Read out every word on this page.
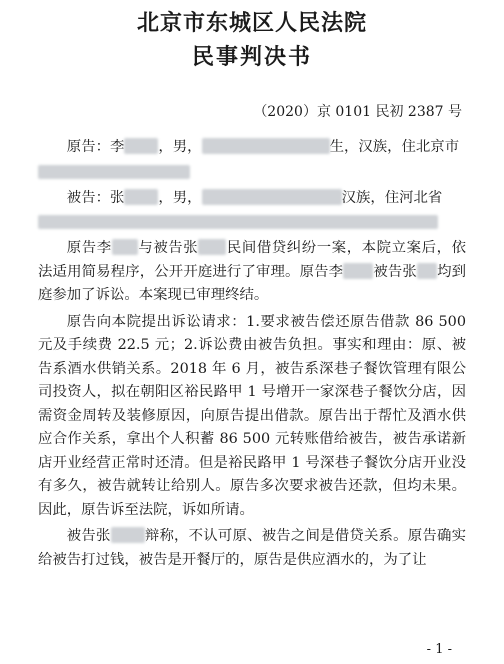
北京市东城区人民法院
民事判决书
（2020）京 0101 民初 2387 号
原告：李 ，男，	生，汉族，住北京市
被告：张 ，男，	汉族，住河北省
原告李 与被告张 民间借贷纠纷一案，本院立案后，依法适用简易程序，公开开庭进行了审理。原告李 被告张 均到庭参加了诉讼。本案现已审理终结。
原告向本院提出诉讼请求：1.要求被告偿还原告借款 86 500 元及手续费 22.5 元；2.诉讼费由被告负担。事实和理由：原、被告系酒水供销关系。2018 年 6 月，被告系深巷子餐饮管理有限公司投资人，拟在朝阳区裕民路甲 1 号增开一家深巷子餐饮分店，因需资金周转及装修原因，向原告提出借款。原告出于帮忙及酒水供应合作关系，拿出个人积蓄 86 500 元转账借给被告，被告承诺新店开业经营正常时还清。但是裕民路甲 1 号深巷子餐饮分店开业没有多久，被告就转让给别人。原告多次要求被告还款，但均未果。因此，原告诉至法院，诉如所请。
被告张 辩称，不认可原、被告之间是借贷关系。原告确实给被告打过钱，被告是开餐厅的，原告是供应酒水的，为了让
- 1 -
